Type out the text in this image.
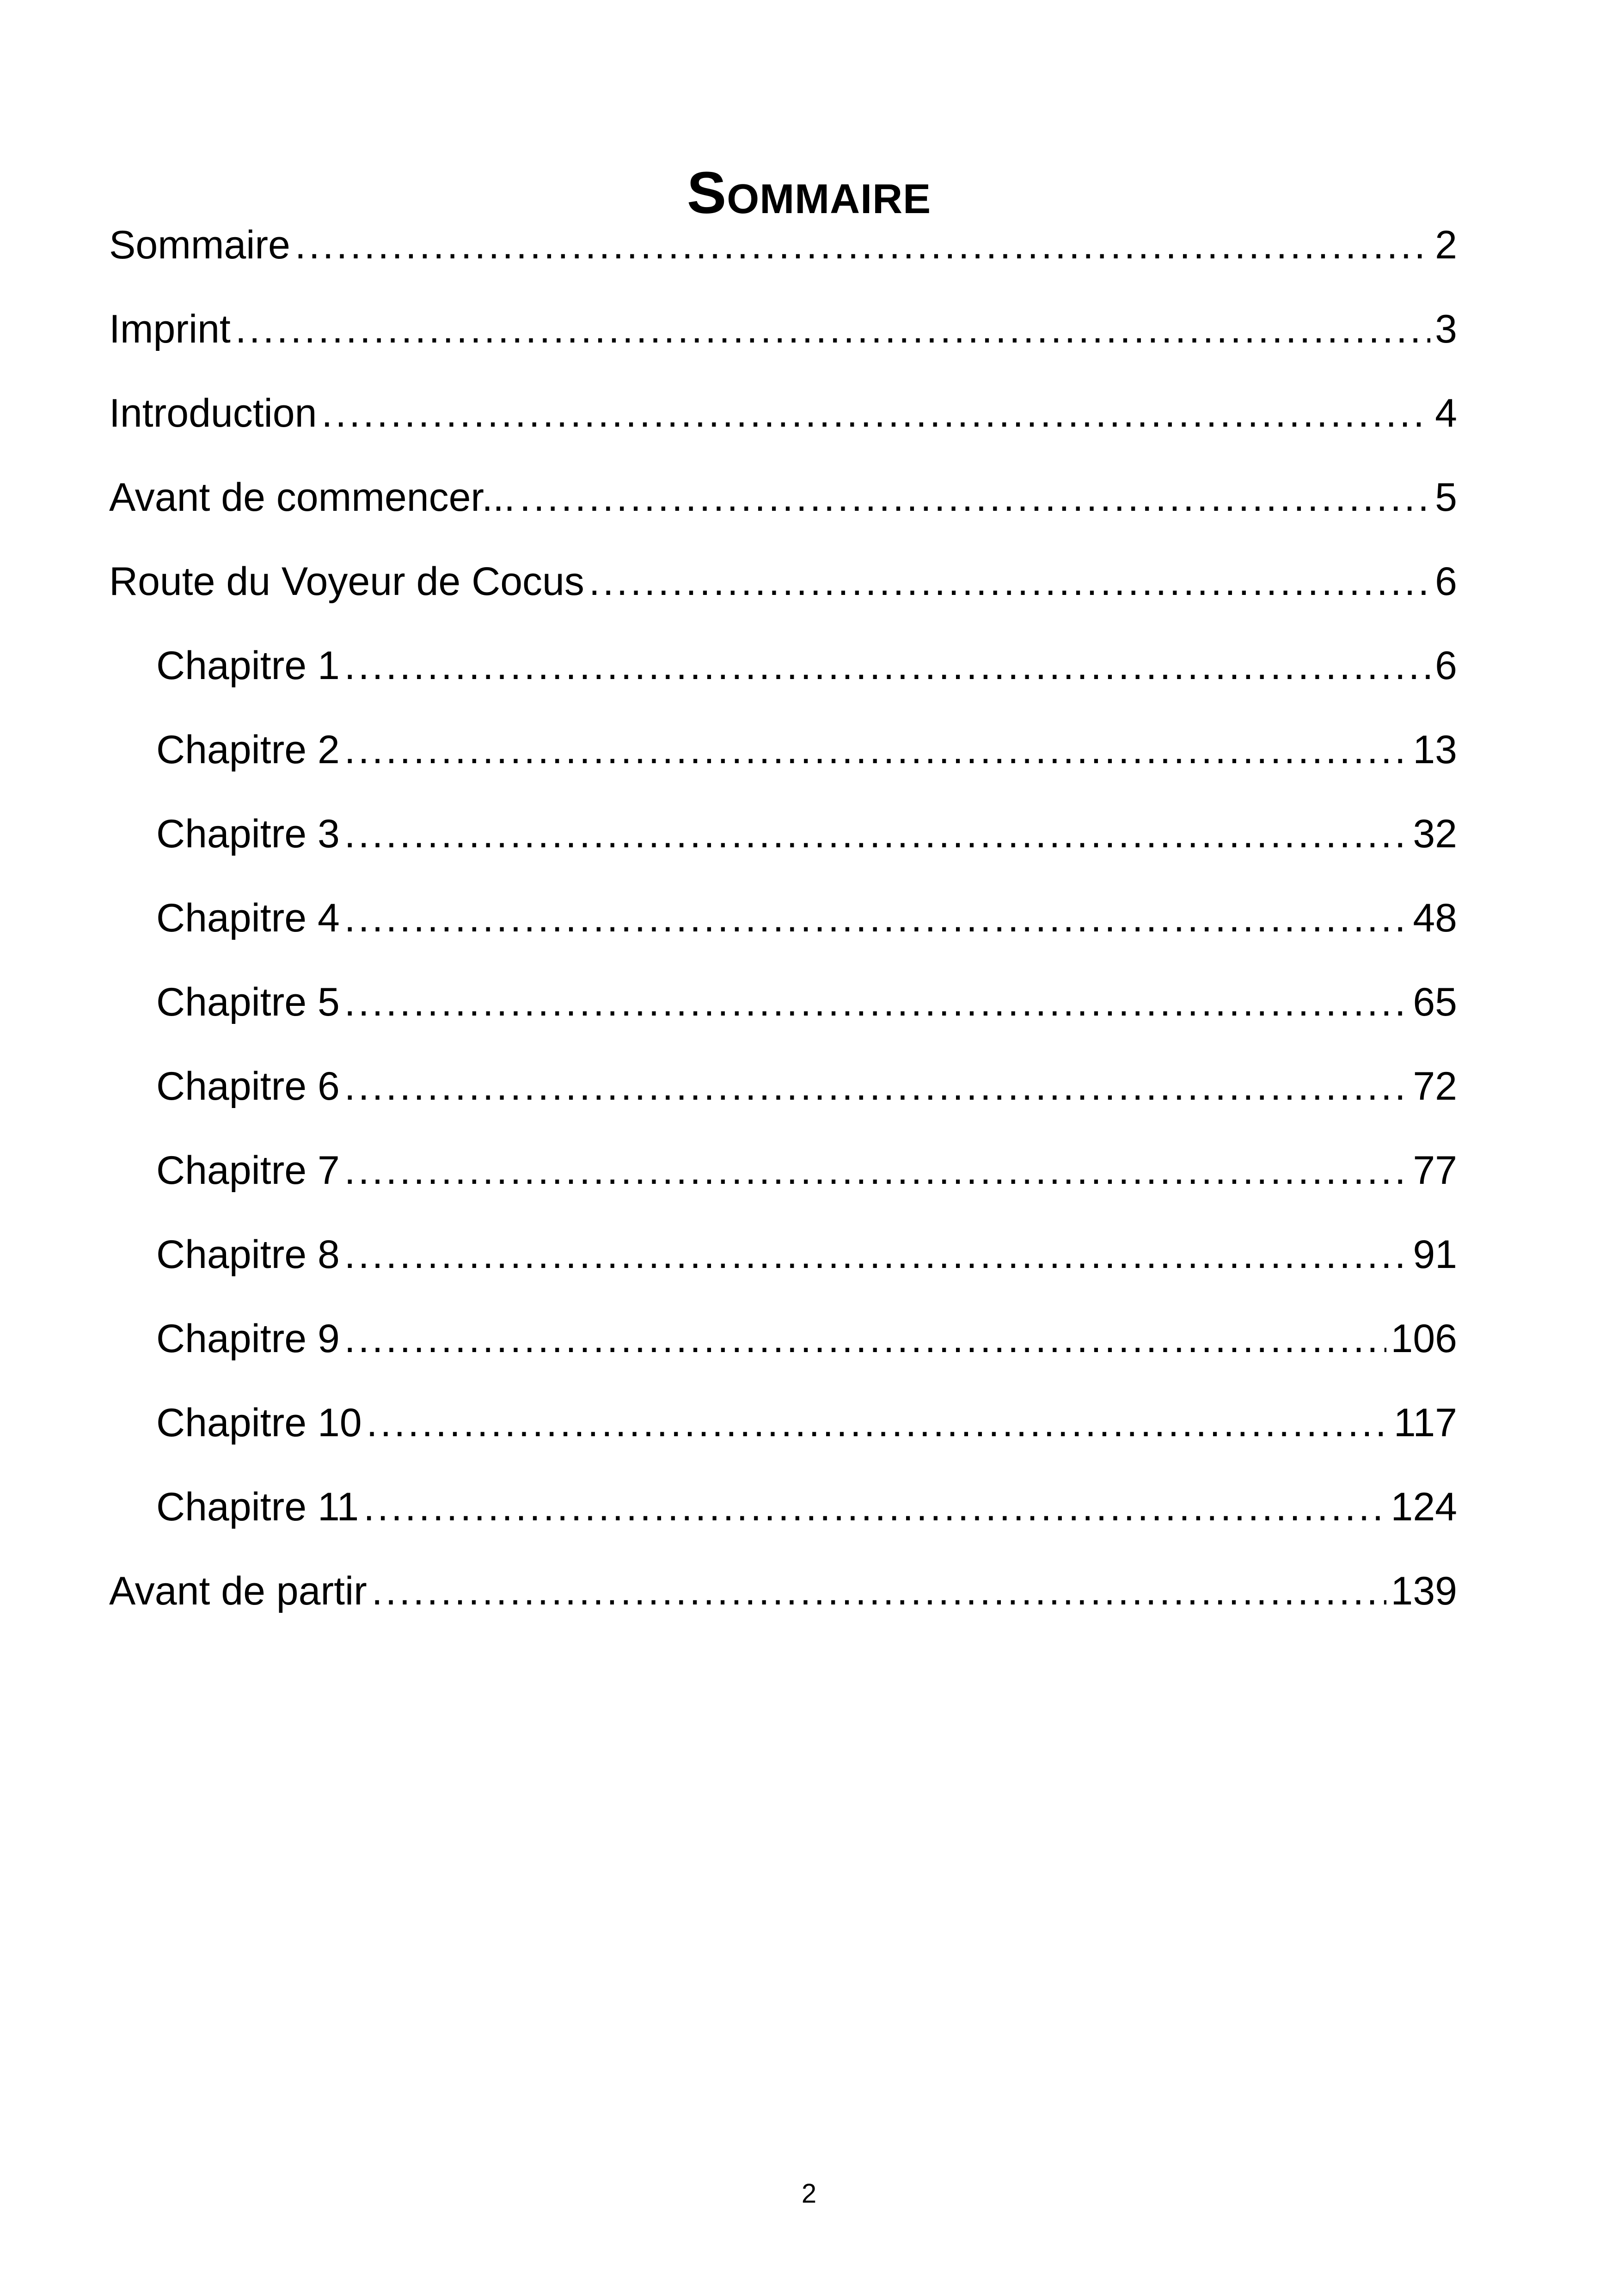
Sommaire
Sommaire .....	2
Imprint .....	3
Introduction .....	4
Avant de commencer... .....	5
Route du Voyeur de Cocus .....	6
Chapitre 1 .....	6
Chapitre 2 .....	13
Chapitre 3 .....	32
Chapitre 4 .....	48
Chapitre 5 .....	65
Chapitre 6 .....	72
Chapitre 7 .....	77
Chapitre 8 .....	91
Chapitre 9 .....	106
Chapitre 10 .....	117
Chapitre 11 .....	124
Avant de partir .....	139
2
